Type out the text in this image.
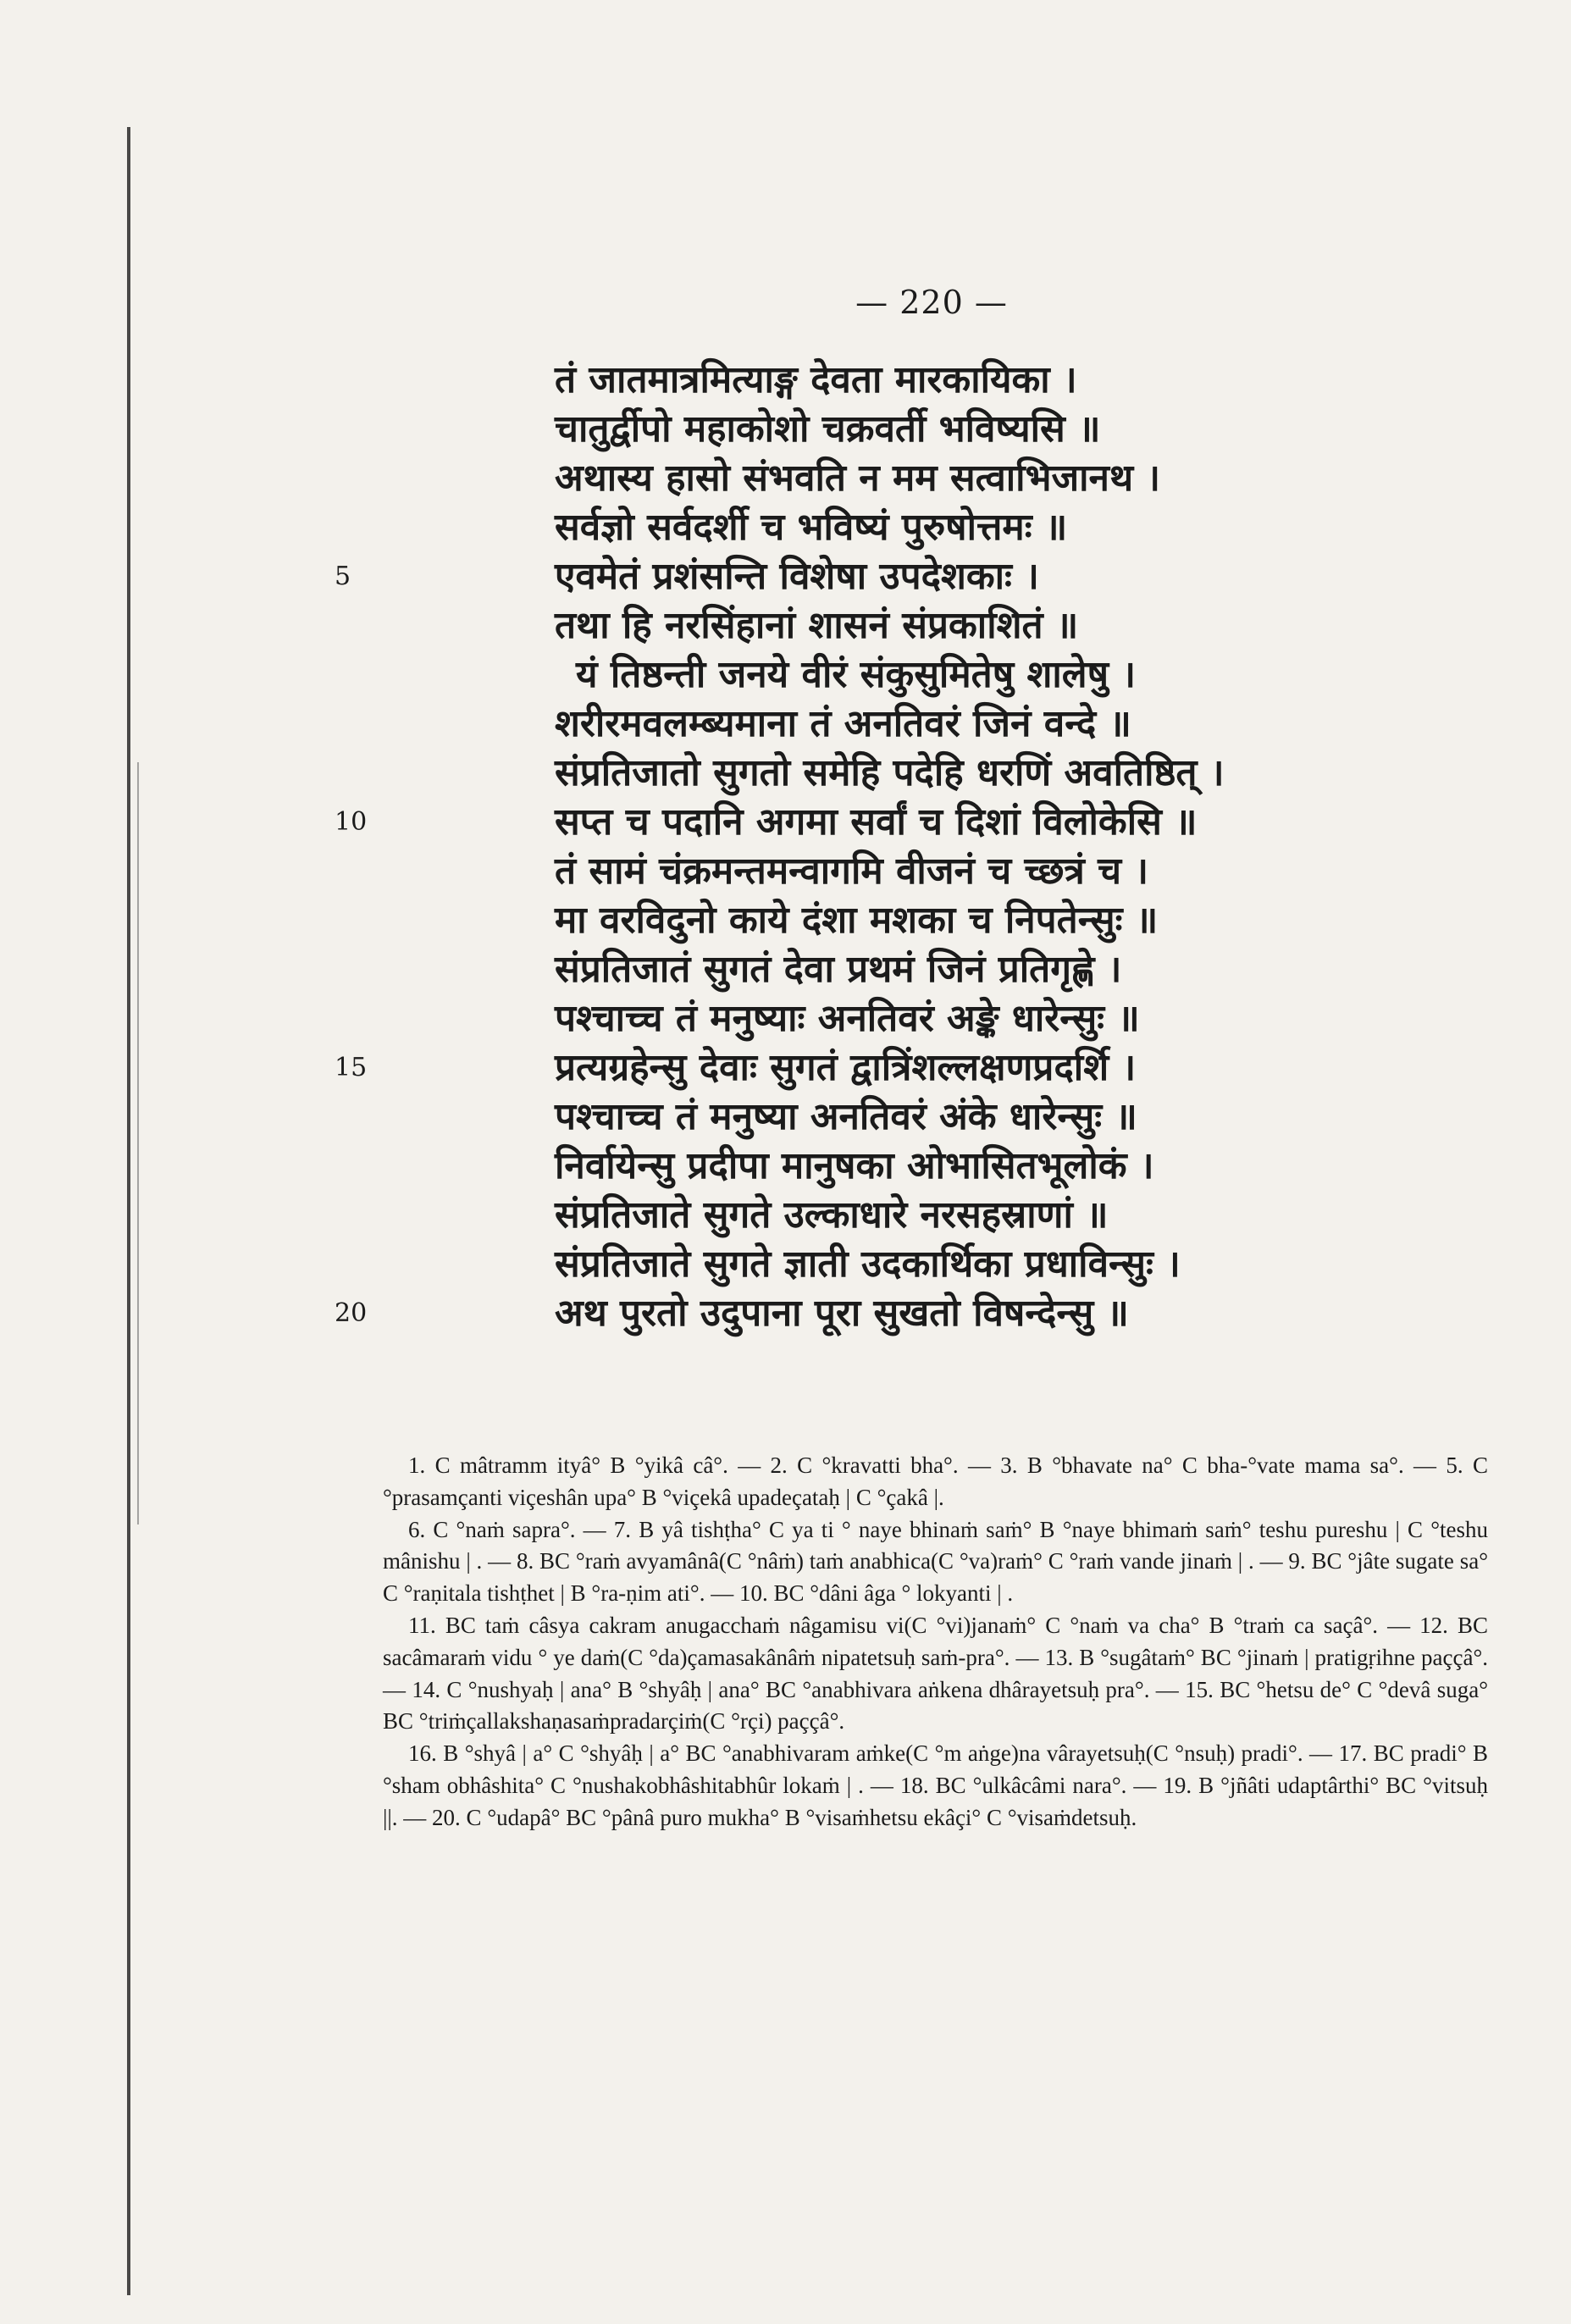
— 220 —
तं जातमात्रमित्याङ्ग देवता मारकायिका ।
चातुर्द्वीपो महाकोशो चक्रवर्ती भविष्यसि ॥
अथास्य हासो संभवति न मम सत्वाभिजानथ ।
सर्वज्ञो सर्वदर्शी च भविष्यं पुरुषोत्तमः ॥
एवमेतं प्रशंसन्ति विशेषा उपदेशकाः ।
5
तथा हि नरसिंहानां शासनं संप्रकाशितं ॥
यं तिष्ठन्ती जनये वीरं संकुसुमितेषु शालेषु ।
शरीरमवलम्ब्यमाना तं अनतिवरं जिनं वन्दे ॥
संप्रतिजातो सुगतो समेहि पदेहि धरणिं अवतिष्ठित् ।
सप्त च पदानि अगमा सर्वां च दिशां विलोकेसि ॥
10
तं सामं चंक्रमन्तमन्वागमि वीजनं च च्छत्रं च ।
मा वरविदुनो काये दंशा मशका च निपतेन्सुः ॥
संप्रतिजातं सुगतं देवा प्रथमं जिनं प्रतिगृह्णे ।
पश्चाच्च तं मनुष्याः अनतिवरं अङ्के धारेन्सुः ॥
प्रत्यग्रहेन्सु देवाः सुगतं द्वात्रिंशल्लक्षणप्रदर्शि ।
15
पश्चाच्च तं मनुष्या अनतिवरं अंके धारेन्सुः ॥
निर्वायेन्सु प्रदीपा मानुषका ओभासितभूलोकं ।
संप्रतिजाते सुगते उल्काधारे नरसहस्राणां ॥
संप्रतिजाते सुगते ज्ञाती उदकार्थिका प्रधाविन्सुः ।
अथ पुरतो उदुपाना पूरा सुखतो विषन्देन्सु ॥
20

1. C mâtramm ityâ° B °yikâ câ°. — 2. C °kravatti bha°. — 3. B °bhavate na° C bha-°vate mama sa°. — 5. C °prasamçanti viçeshân upa° B °viçekâ upadeçataḥ | C °çakâ |.

6. C °naṁ sapra°. — 7. B yâ tishṭha° C ya ti ° naye bhinaṁ saṁ° B °naye bhimaṁ saṁ° teshu pureshu | C °teshu mânishu | . — 8. BC °raṁ avyamânâ(C °nâṁ) taṁ anabhica(C °va)raṁ° C °raṁ vande jinaṁ | . — 9. BC °jâte sugate sa° C °raṇitala tishṭhet | B °ra-ṇim ati°. — 10. BC °dâni âga ° lokyanti | .

11. BC taṁ câsya cakram anugacchaṁ nâgamisu vi(C °vi)janaṁ° C °naṁ va cha° B °traṁ ca saçâ°. — 12. BC sacâmaraṁ vidu ° ye daṁ(C °da)çamasakânâṁ nipatetsuḥ saṁ-pra°. — 13. B °sugâtaṁ° BC °jinaṁ | pratigṛihne paççâ°. — 14. C °nushyaḥ | ana° B °shyâḥ | ana° BC °anabhivara aṅkena dhârayetsuḥ pra°. — 15. BC °hetsu de° C °devâ suga° BC °triṁçallakshaṇasaṁpradarçiṁ(C °rçi) paççâ°.

16. B °shyâ | a° C °shyâḥ | a° BC °anabhivaram aṁke(C °m aṅge)na vârayetsuḥ(C °nsuḥ) pradi°. — 17. BC pradi° B °sham obhâshita° C °nushakobhâshitabhûr lokaṁ | . — 18. BC °ulkâcâmi nara°. — 19. B °jñâti udaptârthi° BC °vitsuḥ ||. — 20. C °udapâ° BC °pânâ puro mukha° B °visaṁhetsu ekâçi° C °visaṁdetsuḥ.
